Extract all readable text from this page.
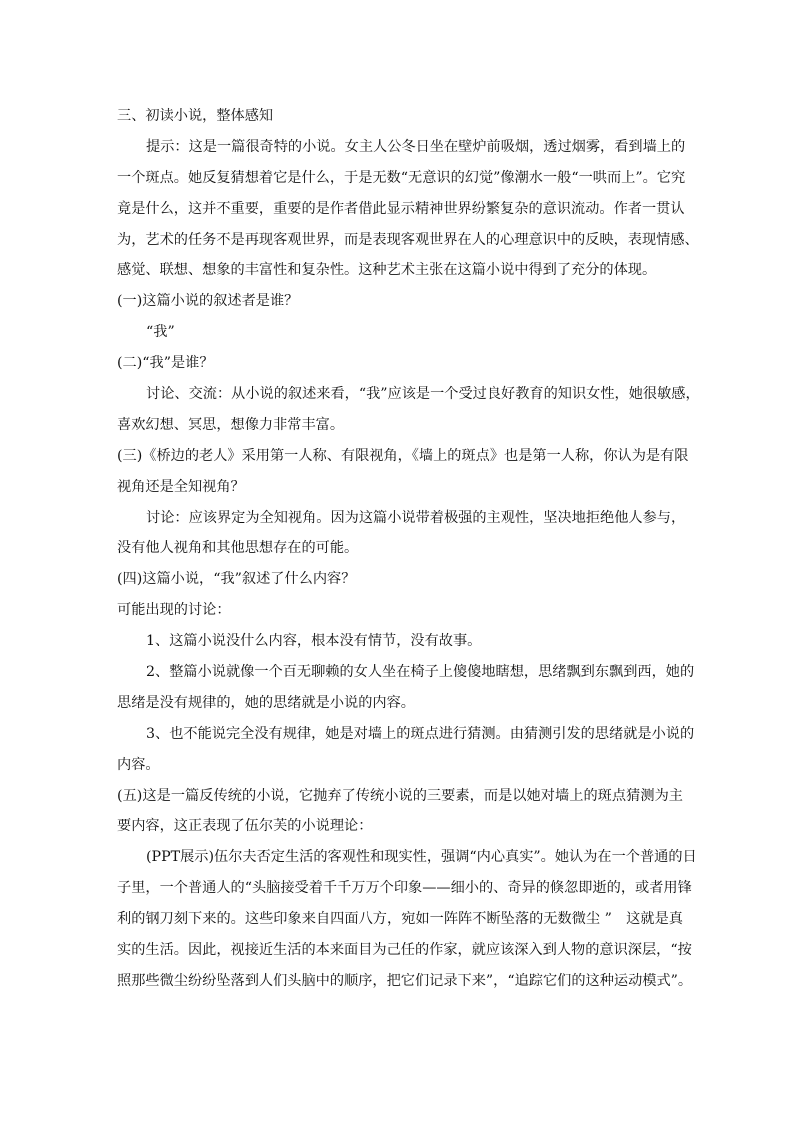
三、初读小说，整体感知
提示：这是一篇很奇特的小说。女主人公冬日坐在壁炉前吸烟，透过烟雾，看到墙上的
一个斑点。她反复猜想着它是什么，于是无数“无意识的幻觉”像潮水一般“一哄而上”。它究
竟是什么，这并不重要，重要的是作者借此显示精神世界纷繁复杂的意识流动。作者一贯认
为，艺术的任务不是再现客观世界，而是表现客观世界在人的心理意识中的反映，表现情感、
感觉、联想、想象的丰富性和复杂性。这种艺术主张在这篇小说中得到了充分的体现。
(一)这篇小说的叙述者是谁？
“我”
(二)“我”是谁？
讨论、交流：从小说的叙述来看，“我”应该是一个受过良好教育的知识女性，她很敏感，
喜欢幻想、冥思，想像力非常丰富。
(三)《桥边的老人》采用第一人称、有限视角，《墙上的斑点》也是第一人称，你认为是有限
视角还是全知视角？
讨论：应该界定为全知视角。因为这篇小说带着极强的主观性，坚决地拒绝他人参与，
没有他人视角和其他思想存在的可能。
(四)这篇小说，“我”叙述了什么内容？
可能出现的讨论：
1、这篇小说没什么内容，根本没有情节，没有故事。
2、整篇小说就像一个百无聊赖的女人坐在椅子上傻傻地瞎想，思绪飘到东飘到西，她的
思绪是没有规律的，她的思绪就是小说的内容。
3、也不能说完全没有规律，她是对墙上的斑点进行猜测。由猜测引发的思绪就是小说的
内容。
(五)这是一篇反传统的小说，它抛弃了传统小说的三要素，而是以她对墙上的斑点猜测为主
要内容，这正表现了伍尔芙的小说理论：
(PPT展示)伍尔夫否定生活的客观性和现实性，强调“内心真实”。她认为在一个普通的日
子里，一个普通人的“头脑接受着千千万万个印象——细小的、奇异的倏忽即逝的，或者用锋
利的钢刀刻下来的。这些印象来自四面八方，宛如一阵阵不断坠落的无数微尘 ”　这就是真
实的生活。因此，视接近生活的本来面目为己任的作家，就应该深入到人物的意识深层，“按
照那些微尘纷纷坠落到人们头脑中的顺序，把它们记录下来”，“追踪它们的这种运动模式”。
